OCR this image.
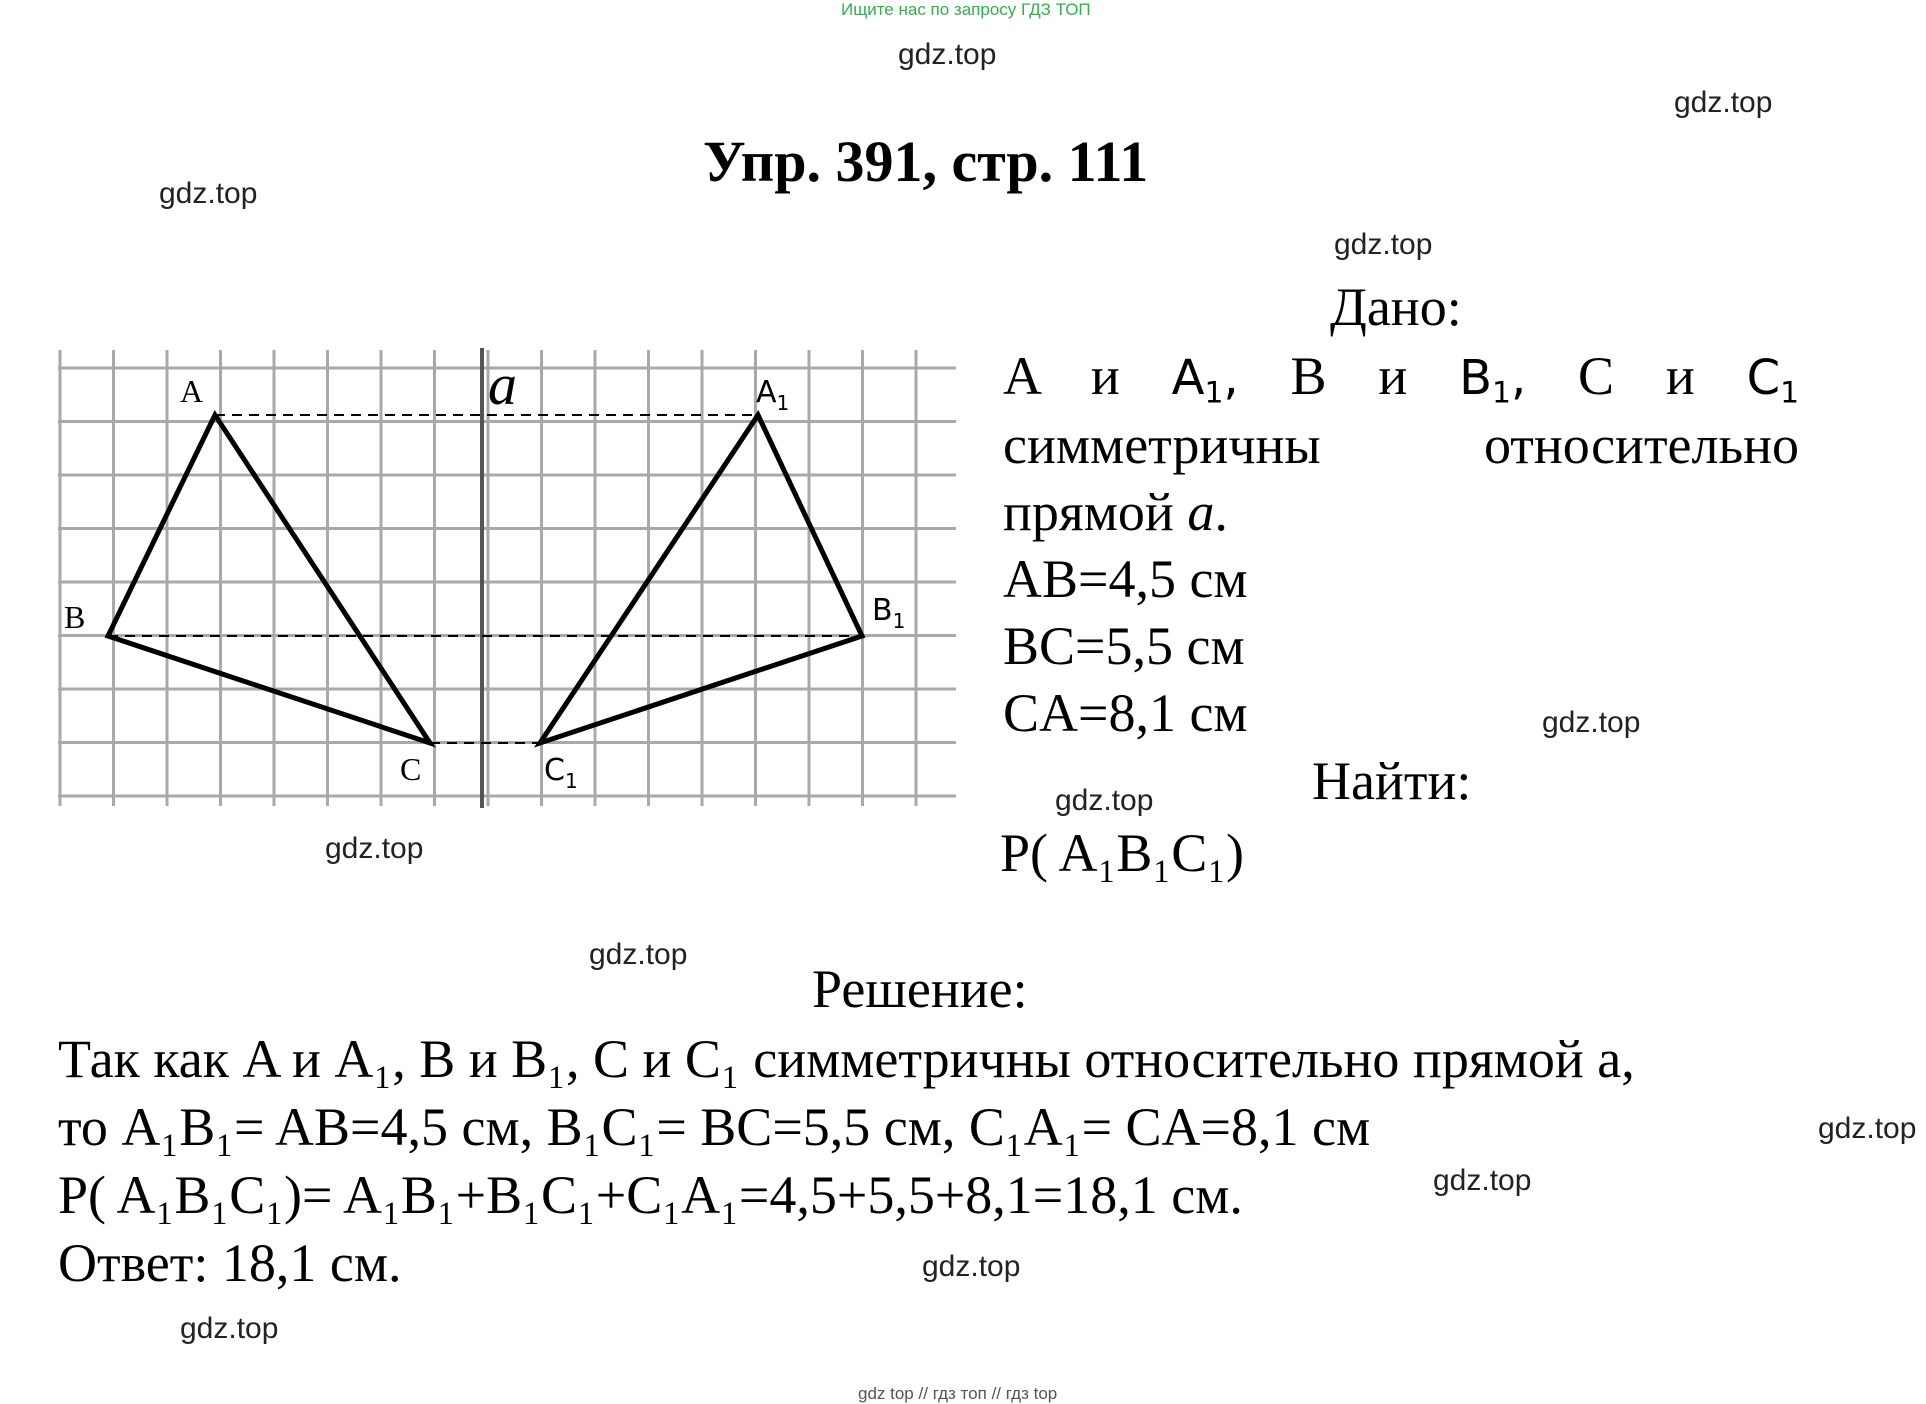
Ищите нас по запросу ГДЗ ТОП
Упр. 391, стр. 111
gdz.top
gdz.top
gdz.top
gdz.top
gdz.top
gdz.top
gdz.top
gdz.top
gdz.top
gdz.top
gdz.top
gdz.top
A
B
C
$A_1$
$B_1$
$C_1$
a
Дано:
A и $A_1$, B и $B_1$, C и $C_1$
симметричны	относительно
прямой a.
AB=4,5 см
BC=5,5 см
CA=8,1 см
Найти:
P( A₁B₁C₁)
Решение:
Так как A и A₁, B и B₁, C и C₁ симметричны относительно прямой a,
то A₁B₁= AB=4,5 см, B₁C₁= BC=5,5 см, C₁A₁= CA=8,1 см
P( A₁B₁C₁)= A₁B₁+B₁C₁+C₁A₁=4,5+5,5+8,1=18,1 см.
Ответ: 18,1 см.
gdz top // гдз топ // гдз top
